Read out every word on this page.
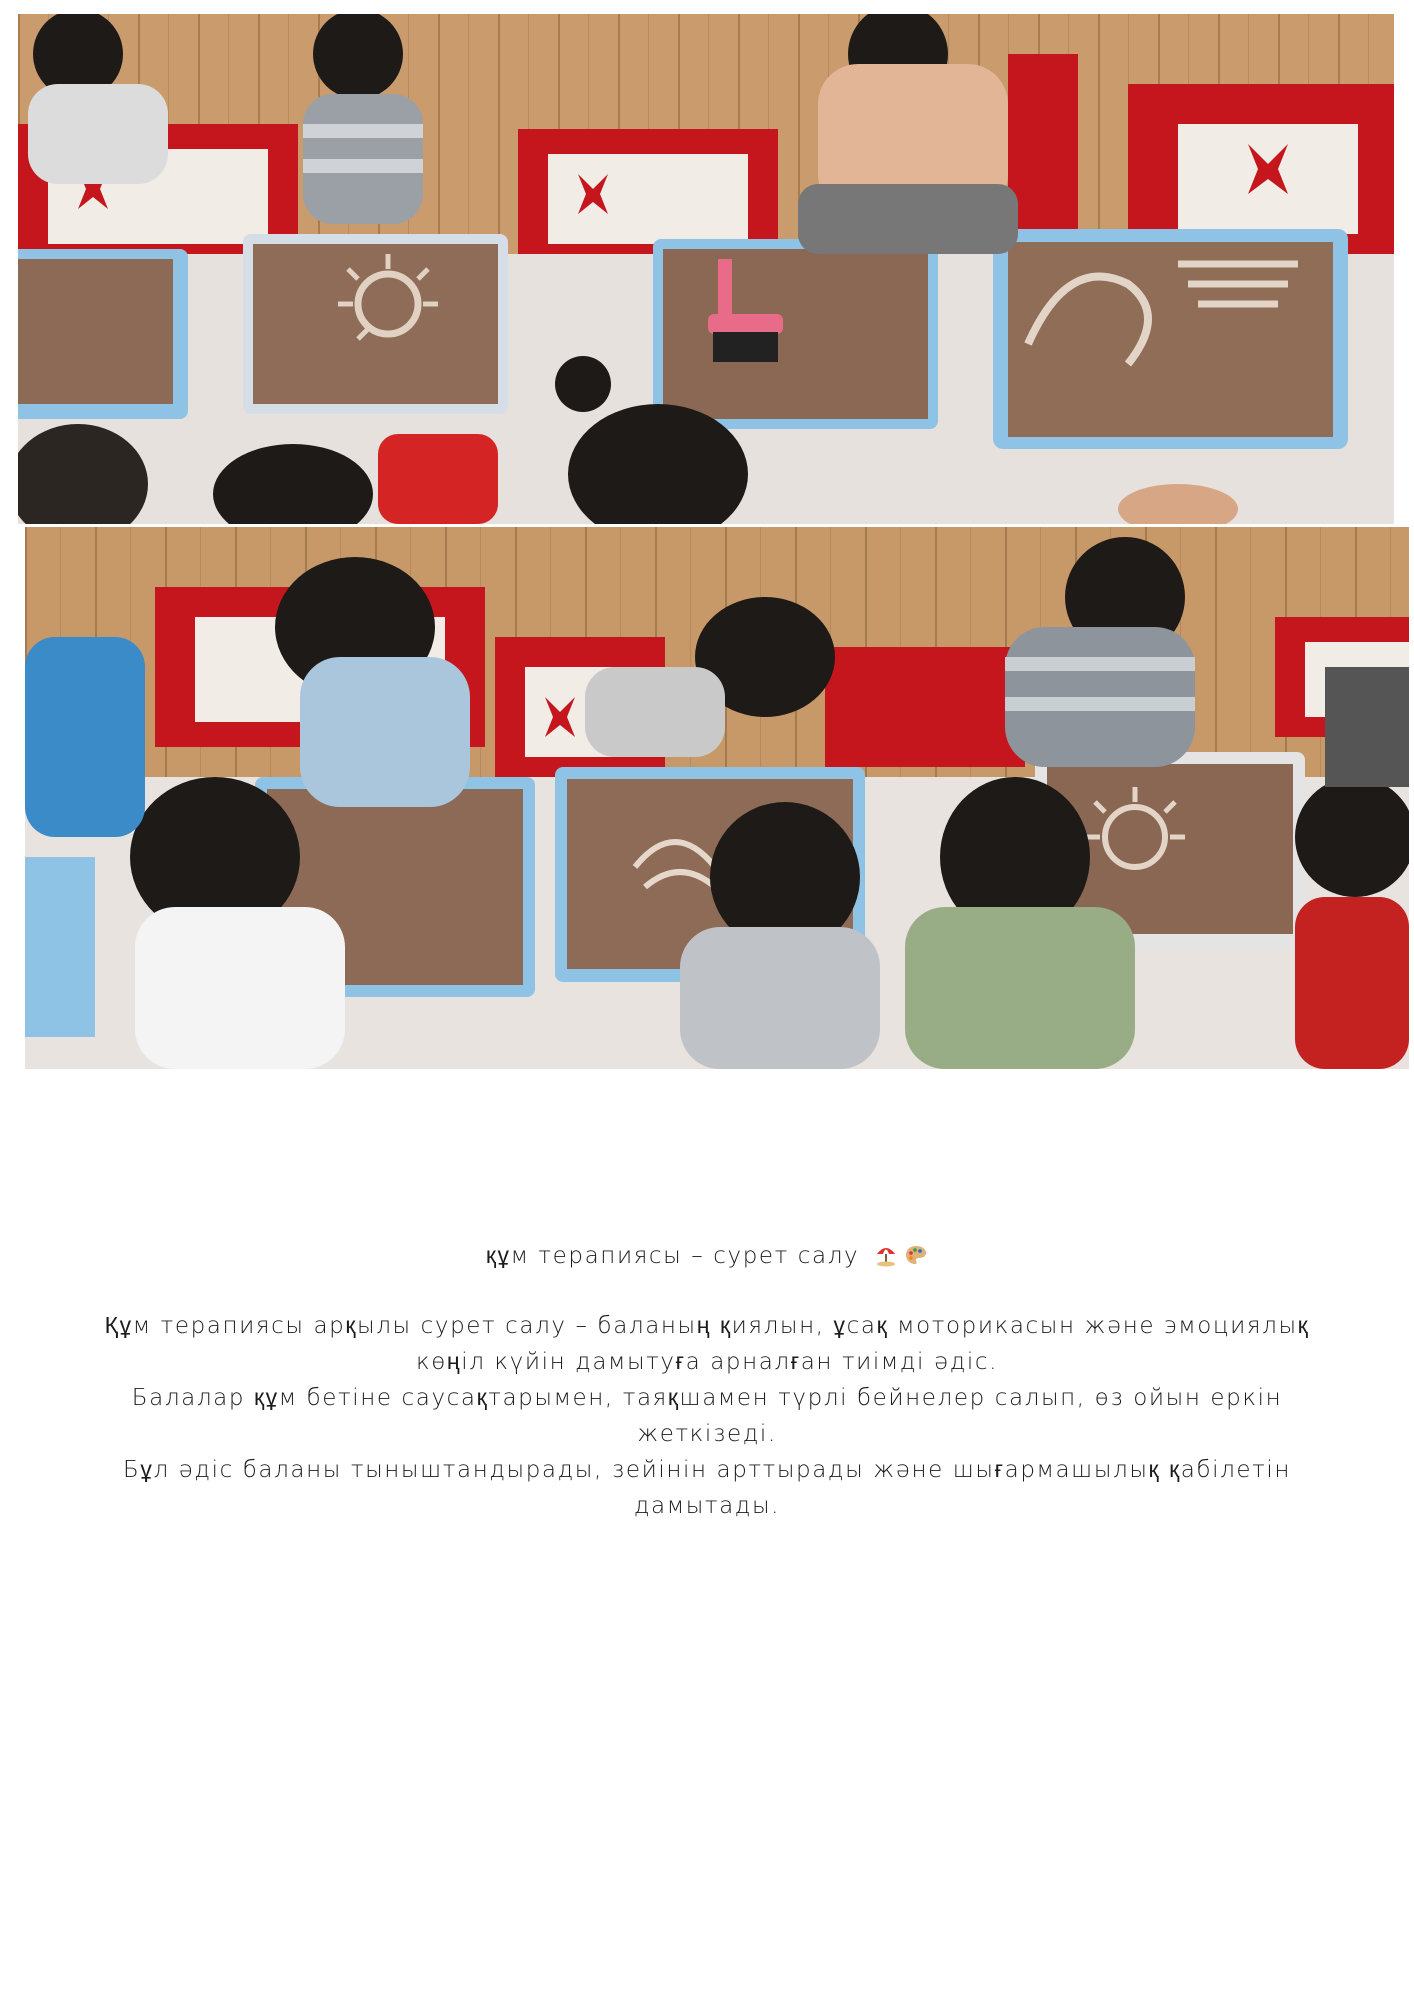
құм терапиясы – сурет салу
Құм терапиясы арқылы сурет салу – баланың қиялын, ұсақ моторикасын және эмоциялық көңіл күйін дамытуға арналған тиімді әдіс.
Балалар құм бетіне саусақтарымен, таяқшамен түрлі бейнелер салып, өз ойын еркін жеткізеді.
Бұл әдіс баланы тыныштандырады, зейінін арттырады және шығармашылық қабілетін дамытады.
